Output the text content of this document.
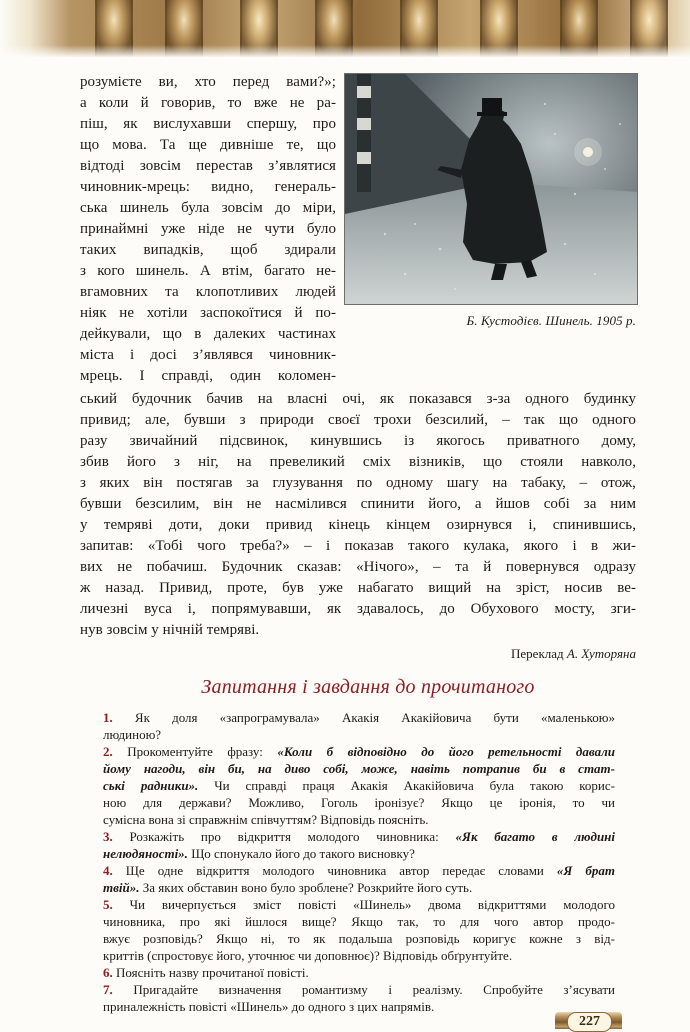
Б. Кустодієв. Шинель. 1905 р.
розумієте ви, хто перед вами?»;
а коли й говорив, то вже не ра-
пiш, як вислухавши спершу, про
що мова. Та ще дивніше те, що
відтоді зовсім перестав з’являтися
чиновник-мрець: видно, генераль-
ська шинель була зовсім до міри,
принаймні уже ніде не чути було
таких випадків, щоб здирали
з кого шинель. А втім, багато не-
вгамовних та клопотливих людей
ніяк не хотіли заспокоїтися й по-
дейкували, що в далеких частинах
міста і досі з’являвся чиновник-
мрець. І справді, один коломен-
ський будочник бачив на власні очі, як показався з-за одного будинку
привид; але, бувши з природи своєї трохи безсилий, – так що одного
разу звичайний підсвинок, кинувшись із якогось приватного дому,
збив його з ніг, на превеликий сміх візників, що стояли навколо,
з яких він постягав за глузування по одному шагу на табаку, – отож,
бувши безсилим, він не насмілився спинити його, а йшов собі за ним
у темряві доти, доки привид кінець кінцем озирнувся і, спинившись,
запитав: «Тобі чого треба?» – і показав такого кулака, якого і в жи-
вих не побачиш. Будочник сказав: «Нічого», – та й повернувся одразу
ж назад. Привид, проте, був уже набагато вищий на зріст, носив ве-
личезні вуса і, попрямувавши, як здавалось, до Обухового мосту, зги-
нув зовсім у нічній темряві.
Переклад А. Хуторяна
Запитання і завдання до прочитаного
1. Як доля «запрограмувала» Акакія Акакійовича бути «маленькою»
людиною?
2. Прокоментуйте фразу: «Коли б відповідно до його ретельності давали
йому нагоди, він би, на диво собі, може, навіть потрапив би в стат-
ські радники». Чи справді праця Акакія Акакійовича була такою корис-
ною для держави? Можливо, Гоголь іронізує? Якщо це іронія, то чи
сумісна вона зі справжнім співчуттям? Відповідь поясніть.
3. Розкажіть про відкриття молодого чиновника: «Як багато в людині
нелюдяності». Що спонукало його до такого висновку?
4. Ще одне відкриття молодого чиновника автор передає словами «Я брат
твій». За яких обставин воно було зроблене? Розкрийте його суть.
5. Чи вичерпується зміст повісті «Шинель» двома відкриттями молодого
чиновника, про які йшлося вище? Якщо так, то для чого автор продо-
вжує розповідь? Якщо ні, то як подальша розповідь коригує кожне з від-
криттів (спростовує його, уточнює чи доповнює)? Відповідь обґрунтуйте.
6. Поясніть назву прочитаної повісті.
7. Пригадайте визначення романтизму і реалізму. Спробуйте з’ясувати
приналежність повісті «Шинель» до одного з цих напрямів.
227
